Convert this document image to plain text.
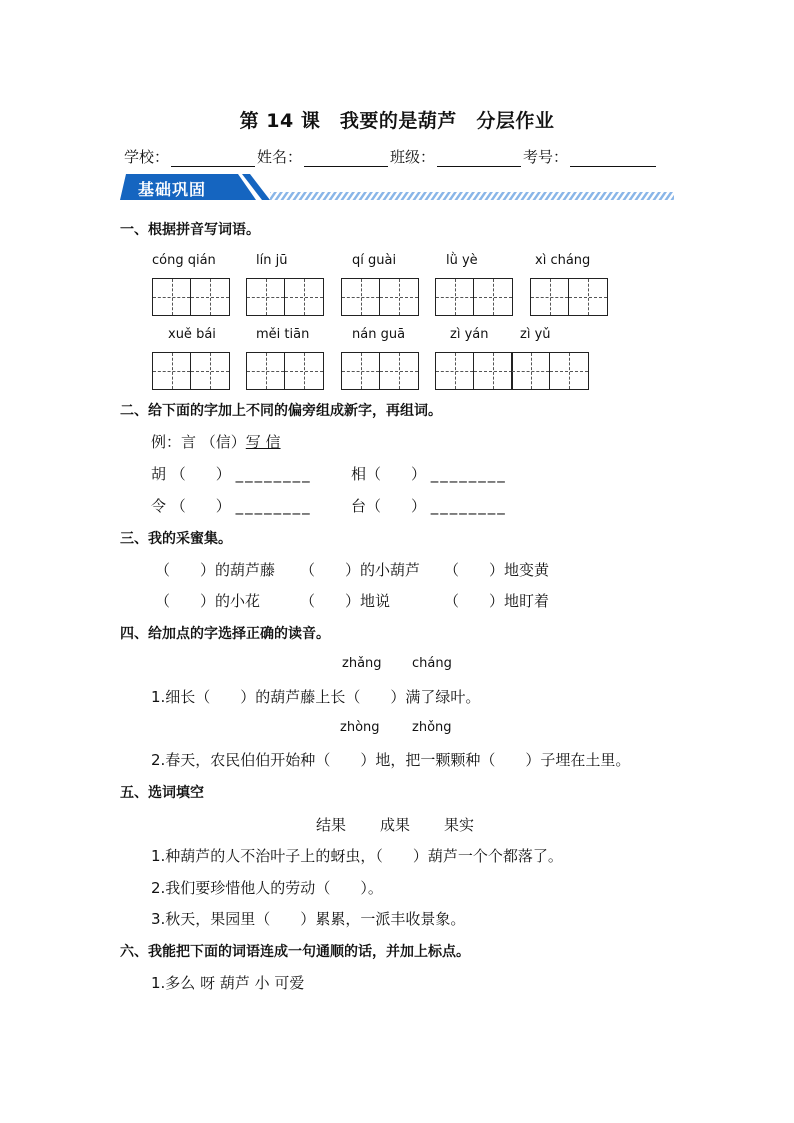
第 14 课　我要的是葫芦　分层作业
学校：	姓名：	班级：	考号：
基础巩固
一、根据拼音写词语。
cóng qián	lín jū	qí guài	lǜ yè	xì cháng
xuě bái	měi tiān	nán guā	zì yán zì yǔ
二、给下面的字加上不同的偏旁组成新字，再组词。
例：言 （信）写 信
胡 （　　） ________	相（　　） ________
令 （　　） ________	台（　　） ________
三、我的采蜜集。
（　　）的葫芦藤 （　　）的小葫芦 （　　）地变黄
（　　）的小花	（　　）地说	（　　）地盯着
四、给加点的字选择正确的读音。
zhǎng cháng
1.细长（　　）的葫芦藤上长（　　）满了绿叶。
zhòng zhǒng
2.春天，农民伯伯开始种（　　）地，把一颗颗种（　　）子埋在土里。
五、选词填空
结果 成果 果实
1.种葫芦的人不治叶子上的蚜虫，（　　）葫芦一个个都落了。
2.我们要珍惜他人的劳动（　　）。
3.秋天，果园里（　　）累累，一派丰收景象。
六、我能把下面的词语连成一句通顺的话，并加上标点。
1.多么 呀 葫芦 小 可爱
